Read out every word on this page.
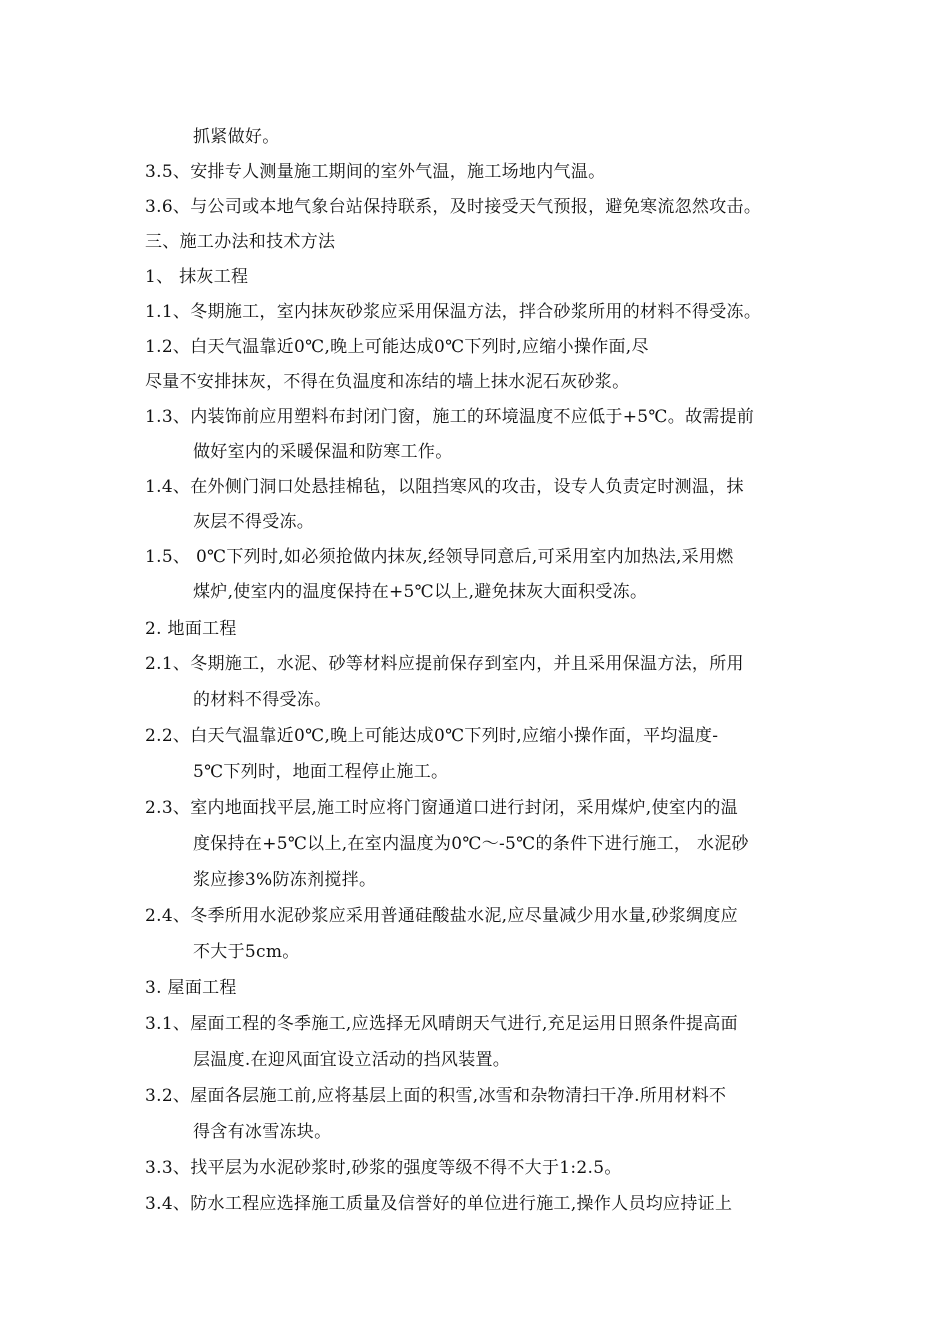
抓紧做好。
3.5、安排专人测量施工期间的室外气温，施工场地内气温。
3.6、与公司或本地气象台站保持联系，及时接受天气预报，避免寒流忽然攻击。
三、施工办法和技术方法
1、 抹灰工程
1.1、冬期施工，室内抹灰砂浆应采用保温方法，拌合砂浆所用的材料不得受冻。
1.2、白天气温靠近0℃,晚上可能达成0℃下列时,应缩小操作面,尽
尽量不安排抹灰，不得在负温度和冻结的墙上抹水泥石灰砂浆。
1.3、内装饰前应用塑料布封闭门窗，施工的环境温度不应低于+5℃。故需提前
做好室内的采暖保温和防寒工作。
1.4、在外侧门洞口处悬挂棉毡，以阻挡寒风的攻击，设专人负责定时测温，抹
灰层不得受冻。
1.5、 0℃下列时,如必须抢做内抹灰,经领导同意后,可采用室内加热法,采用燃
煤炉,使室内的温度保持在+5℃以上,避免抹灰大面积受冻。
2. 地面工程
2.1、冬期施工，水泥、砂等材料应提前保存到室内，并且采用保温方法，所用
的材料不得受冻。
2.2、白天气温靠近0℃,晚上可能达成0℃下列时,应缩小操作面，平均温度-
5℃下列时，地面工程停止施工。
2.3、室内地面找平层,施工时应将门窗通道口进行封闭，采用煤炉,使室内的温
度保持在+5℃以上,在室内温度为0℃～-5℃的条件下进行施工， 水泥砂
浆应掺3%防冻剂搅拌。
2.4、冬季所用水泥砂浆应采用普通硅酸盐水泥,应尽量减少用水量,砂浆绸度应
不大于5cm。
3. 屋面工程
3.1、屋面工程的冬季施工,应选择无风晴朗天气进行,充足运用日照条件提高面
层温度.在迎风面宜设立活动的挡风装置。
3.2、屋面各层施工前,应将基层上面的积雪,冰雪和杂物清扫干净.所用材料不
得含有冰雪冻块。
3.3、找平层为水泥砂浆时,砂浆的强度等级不得不大于1:2.5。
3.4、防水工程应选择施工质量及信誉好的单位进行施工,操作人员均应持证上
